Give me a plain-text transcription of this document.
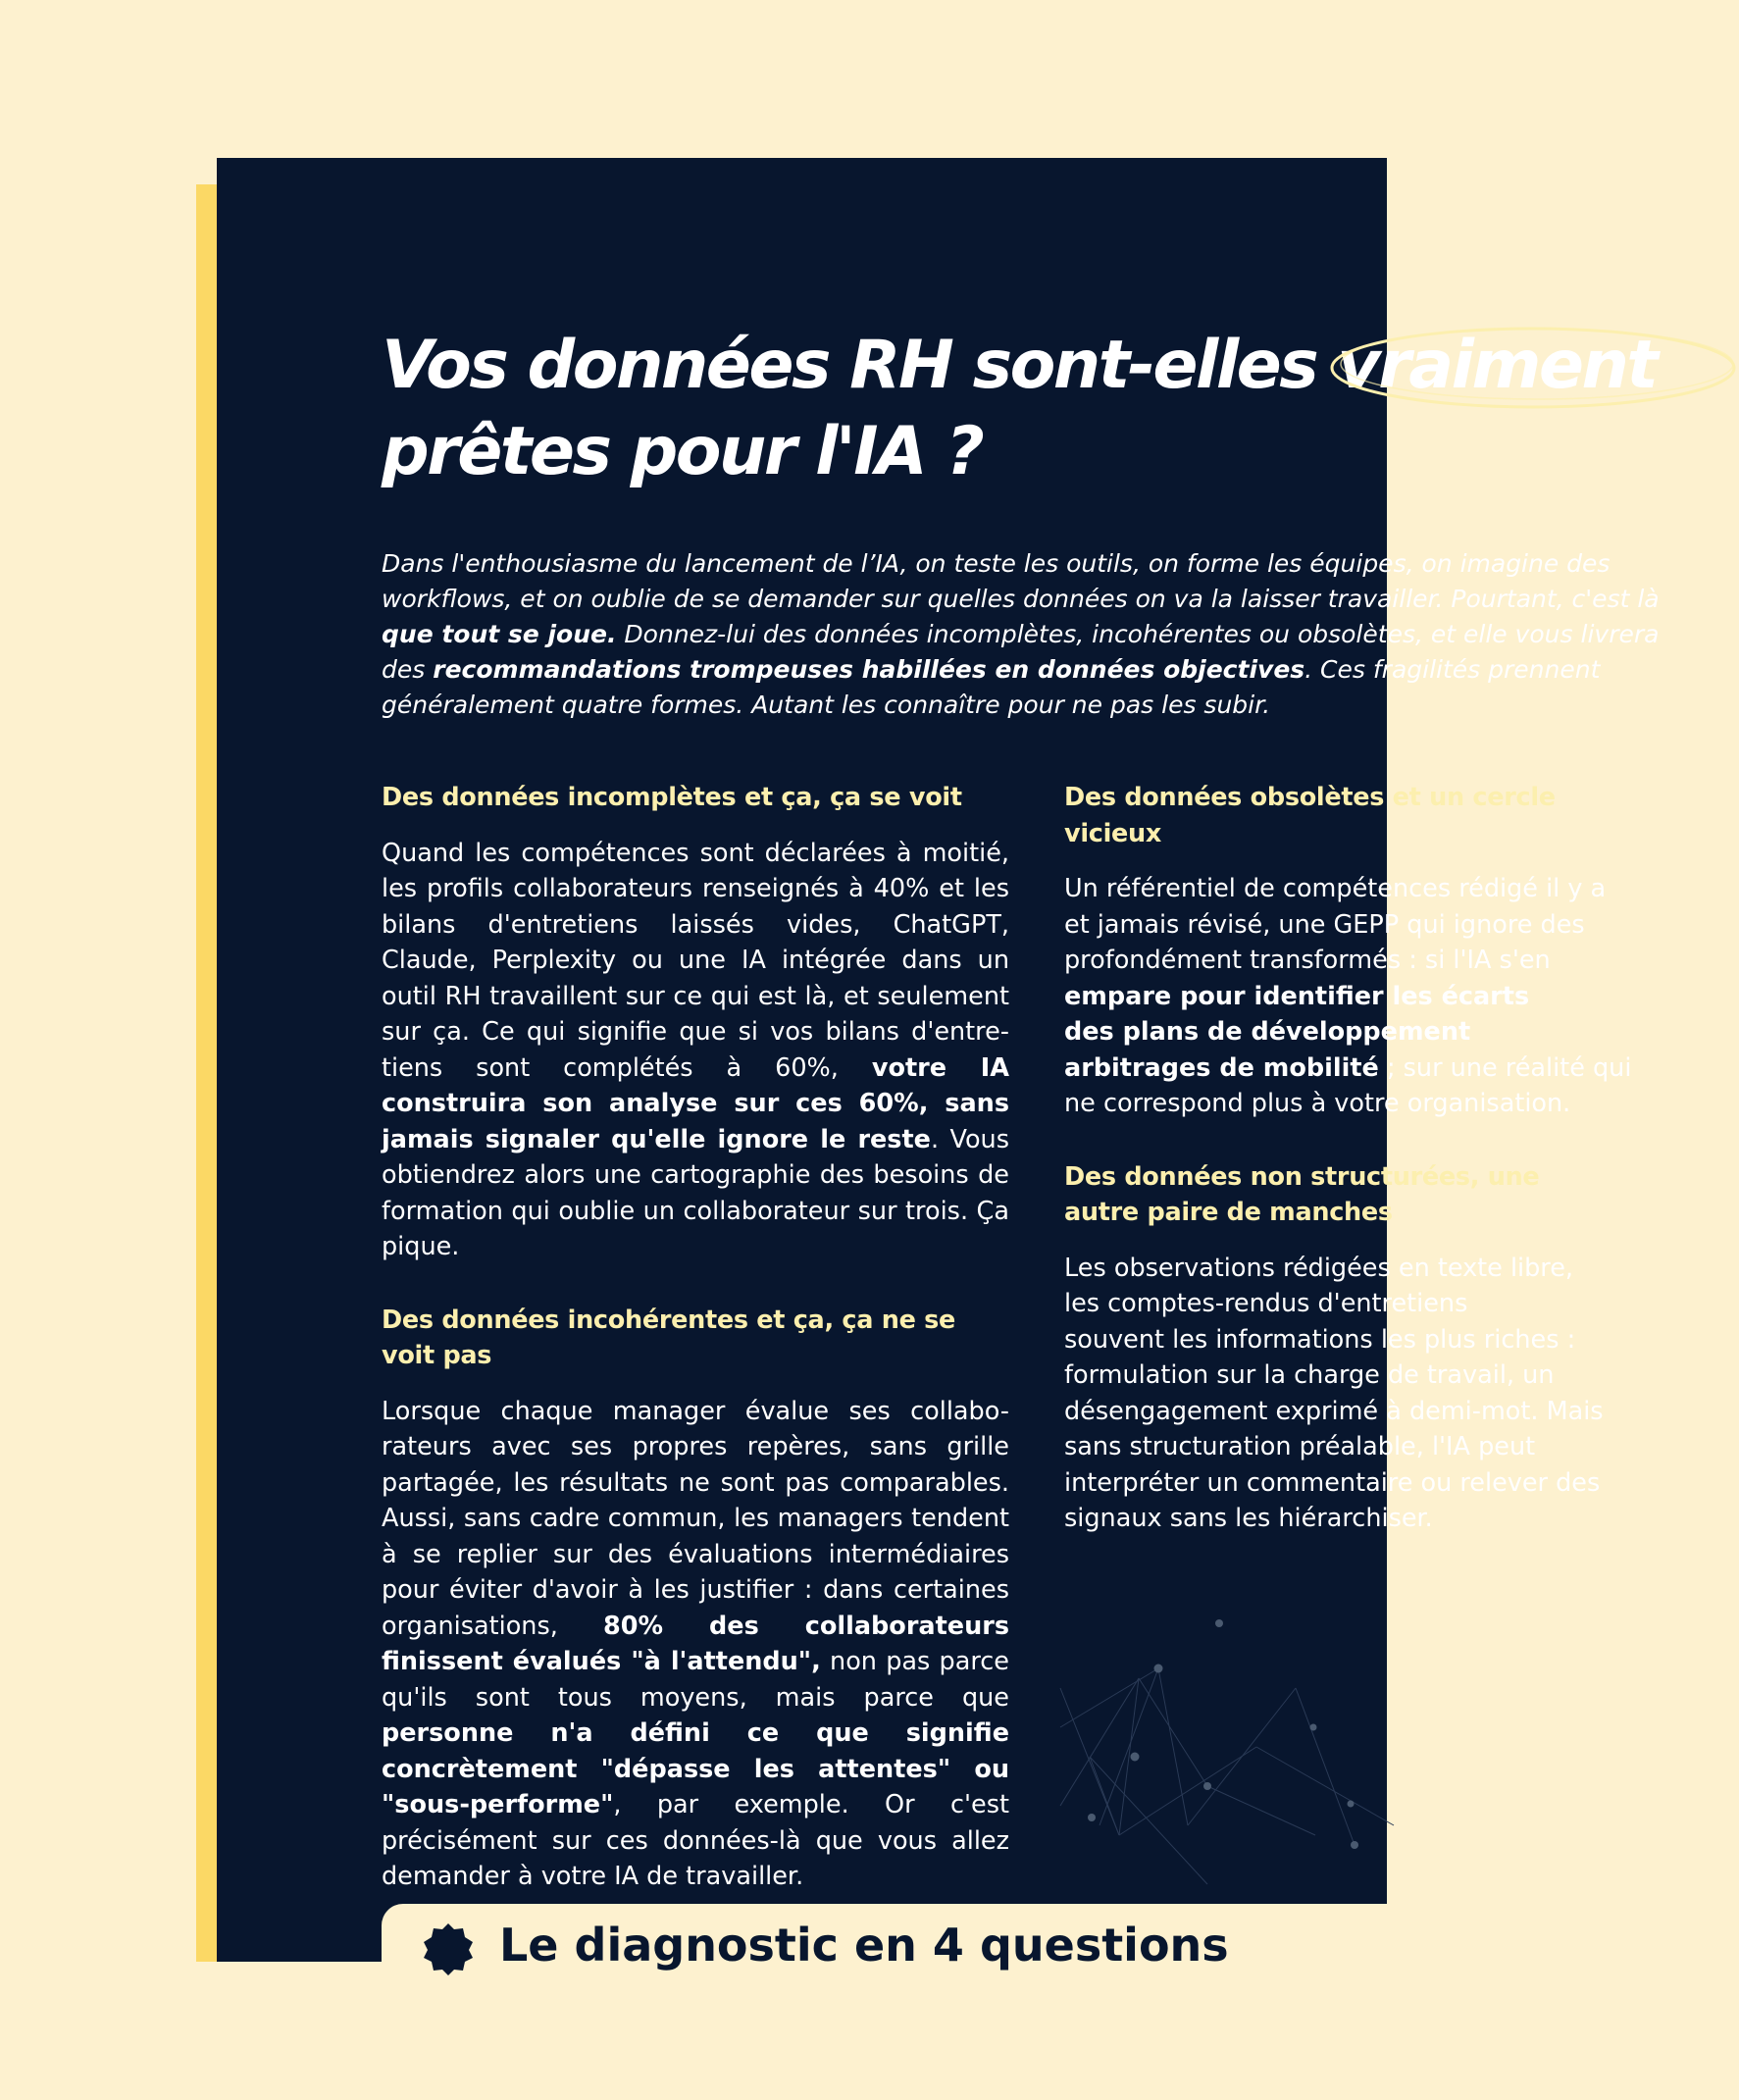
Vos données RH sont-elles vraiment

prêtes pour l'IA ?

Dans l'enthousiasme du lancement de l’IA, on teste les outils, on forme les équipes, on imagine des
workflows, et on oublie de se demander sur quelles données on va la laisser travailler. Pourtant, c'est là
que tout se joue. Donnez-lui des données incomplètes, incohérentes ou obsolètes, et elle vous livrera
des recommandations trompeuses habillées en données objectives. Ces fragilités prennent
généralement quatre formes. Autant les connaître pour ne pas les subir.

Des données incomplètes et ça, ça se voit

Quand les compétences sont déclarées à moitié, les profils collaborateurs renseignés à 40% et les bilans d'entretiens laissés vides, ChatGPT, Claude, Perplexity ou une IA intégrée dans un outil RH travaillent sur ce qui est là, et seulement sur ça. Ce qui signifie que si vos bilans d'entre-tiens sont complétés à 60%, votre IA construira son analyse sur ces 60%, sans jamais signaler qu'elle ignore le reste. Vous obtiendrez alors une cartographie des besoins de formation qui oublie un collaborateur sur trois. Ça pique.

Des données incohérentes et ça, ça ne se voit pas

Lorsque chaque manager évalue ses collabo-rateurs avec ses propres repères, sans grille partagée, les résultats ne sont pas comparables. Aussi, sans cadre commun, les managers tendent à se replier sur des évaluations intermédiaires pour éviter d'avoir à les justifier : dans certaines organisations, 80% des collaborateurs finissent évalués "à l'attendu", non pas parce qu'ils sont tous moyens, mais parce que personne n'a défini ce que signifie concrètement "dépasse les attentes" ou "sous-performe", par exemple. Or c'est précisément sur ces données-là que vous allez demander à votre IA de travailler.

Des données obsolètes et un cercle
vicieux

Un référentiel de compétences rédigé il y a
et jamais révisé, une GEPP qui ignore des
profondément transformés : si l'IA s'en
empare pour identifier les écarts
des plans de développement
arbitrages de mobilité ; sur une réalité qui
ne correspond plus à votre organisation.

Des données non structurées, une
autre paire de manches

Les observations rédigées en texte libre,
les comptes-rendus d'entretiens
souvent les informations les plus riches :
formulation sur la charge de travail, un
désengagement exprimé à demi-mot. Mais
sans structuration préalable, l'IA peut
interpréter un commentaire ou relever des
signaux sans les hiérarchiser.

Le diagnostic en 4 questions
